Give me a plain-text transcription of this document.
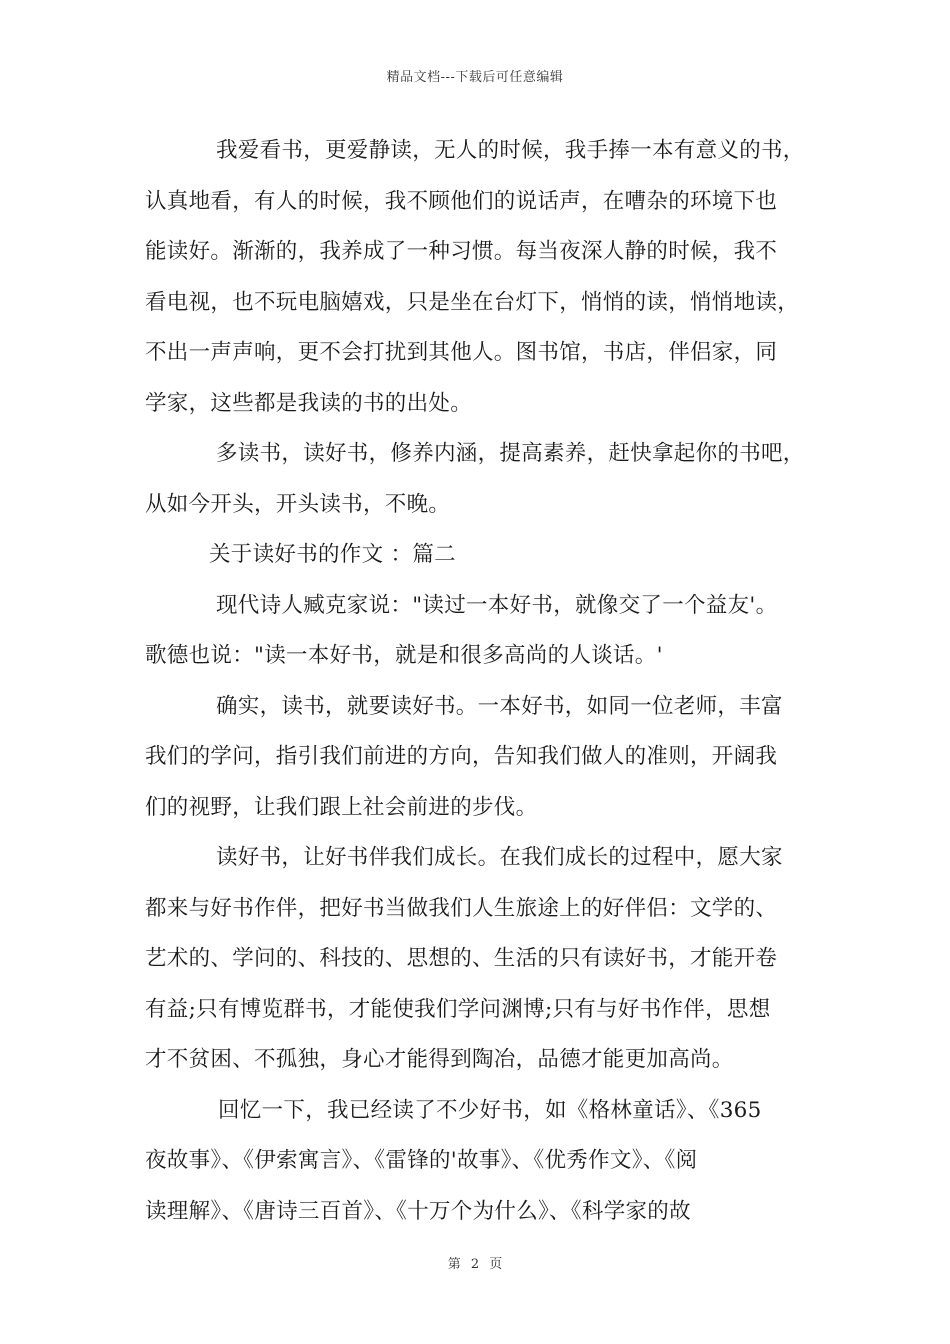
精品文档---下载后可任意编辑
我爱看书，更爱静读，无人的时候，我手捧一本有意义的书，
认真地看，有人的时候，我不顾他们的说话声，在嘈杂的环境下也
能读好。渐渐的，我养成了一种习惯。每当夜深人静的时候，我不
看电视，也不玩电脑嬉戏，只是坐在台灯下，悄悄的读，悄悄地读，
不出一声声响，更不会打扰到其他人。图书馆，书店，伴侣家，同
学家，这些都是我读的书的出处。
多读书，读好书，修养内涵，提高素养，赶快拿起你的书吧，
从如今开头，开头读书，不晚。
关于读好书的作文 ：篇二
现代诗人臧克家说："读过一本好书，就像交了一个益友'。
歌德也说："读一本好书，就是和很多高尚的人谈话。'
确实，读书，就要读好书。一本好书，如同一位老师，丰富
我们的学问，指引我们前进的方向，告知我们做人的准则，开阔我
们的视野，让我们跟上社会前进的步伐。
读好书，让好书伴我们成长。在我们成长的过程中，愿大家
都来与好书作伴，把好书当做我们人生旅途上的好伴侣：文学的、
艺术的、学问的、科技的、思想的、生活的只有读好书，才能开卷
有益;只有博览群书，才能使我们学问渊博;只有与好书作伴，思想
才不贫困、不孤独，身心才能得到陶冶，品德才能更加高尚。
回忆一下，我已经读了不少好书，如《格林童话》、《365
夜故事》、《伊索寓言》、《雷锋的'故事》、《优秀作文》、《阅
读理解》、《唐诗三百首》、《十万个为什么》、《科学家的故
第 2 页
